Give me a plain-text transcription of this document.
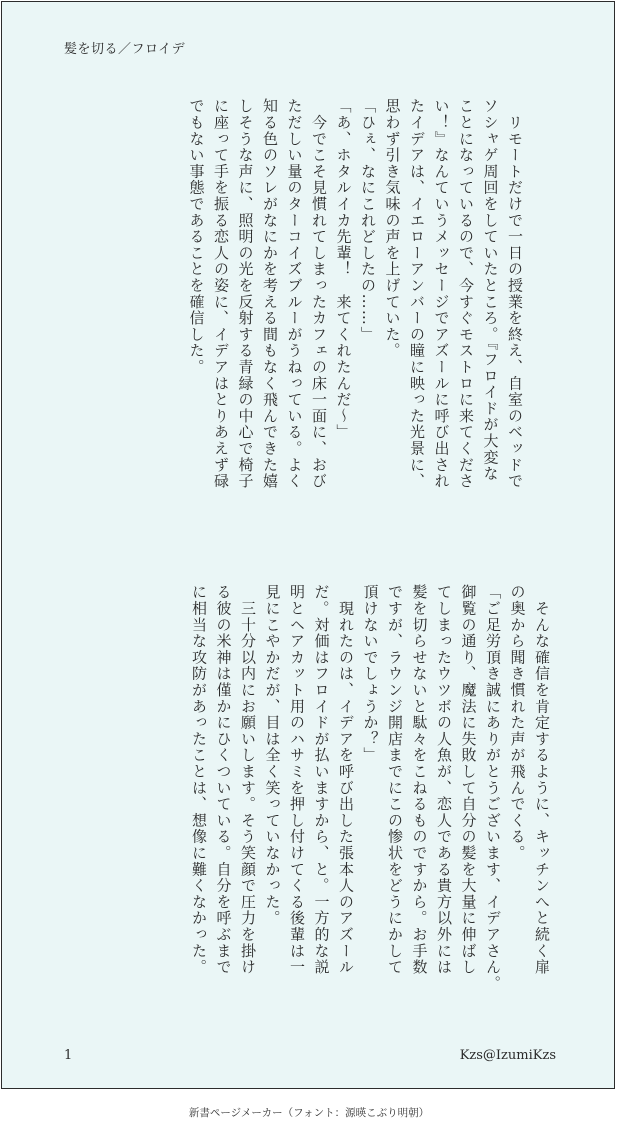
髪を切る／フロイデ

　リモートだけで一日の授業を終え、自室のベッドで
ソシャゲ周回をしていたところ。『フロイドが大変な
ことになっているので、今すぐモストロに来てくださ
い！』なんていうメッセージでアズールに呼び出され
たイデアは、イエローアンバーの瞳に映った光景に、
思わず引き気味の声を上げていた。

「ひぇ、なにこれどしたの……」

「あ、ホタルイカ先輩！　来てくれたんだ～」

　今でこそ見慣れてしまったカフェの床一面に、おび
ただしい量のターコイズブルーがうねっている。よく
知る色のソレがなにかを考える間もなく飛んできた嬉
しそうな声に、照明の光を反射する青緑の中心で椅子
に座って手を振る恋人の姿に、イデアはとりあえず碌
でもない事態であることを確信した。

　そんな確信を肯定するように、キッチンへと続く扉
の奥から聞き慣れた声が飛んでくる。

「ご足労頂き誠にありがとうございます、イデアさん。
御覧の通り、魔法に失敗して自分の髪を大量に伸ばし
てしまったウツボの人魚が、恋人である貴方以外には
髪を切らせないと駄々をこねるものですから。お手数
ですが、ラウンジ開店までにこの惨状をどうにかして
頂けないでしょうか？」

　現れたのは、イデアを呼び出した張本人のアズール
だ。対価はフロイドが払いますから、と。一方的な説
明とヘアカット用のハサミを押し付けてくる後輩は一
見にこやかだが、目は全く笑っていなかった。

　三十分以内にお願いします。そう笑顔で圧力を掛け
る彼の米神は僅かにひくついている。自分を呼ぶまで
に相当な攻防があったことは、想像に難くなかった。

1	Kzs@IzumiKzs
新書ページメーカー（フォント：源暎こぶり明朝）
